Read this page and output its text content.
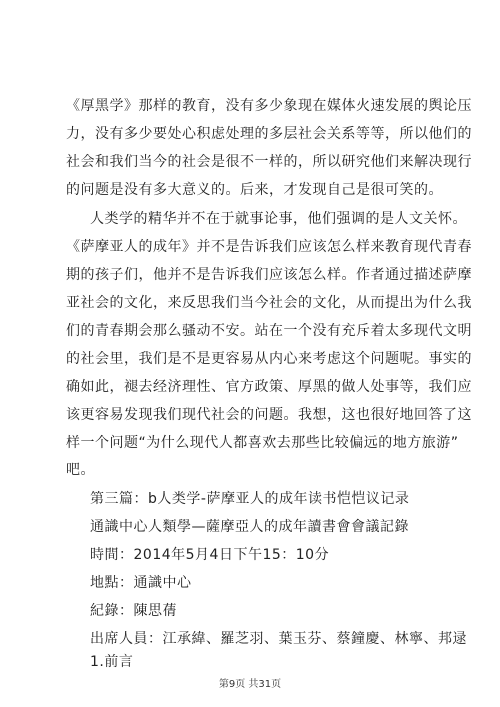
《厚黑学》那样的教育，没有多少象现在媒体火速发展的舆论压
力，没有多少要处心积虑处理的多层社会关系等等，所以他们的
社会和我们当今的社会是很不一样的，所以研究他们来解决现行
的问题是没有多大意义的。后来，才发现自己是很可笑的。
人类学的精华并不在于就事论事，他们强调的是人文关怀。
《萨摩亚人的成年》并不是告诉我们应该怎么样来教育现代青春
期的孩子们，他并不是告诉我们应该怎么样。作者通过描述萨摩
亚社会的文化，来反思我们当今社会的文化，从而提出为什么我
们的青春期会那么骚动不安。站在一个没有充斥着太多现代文明
的社会里，我们是不是更容易从内心来考虑这个问题呢。事实的
确如此，褪去经济理性、官方政策、厚黑的做人处事等，我们应
该更容易发现我们现代社会的问题。我想，这也很好地回答了这
样一个问题“为什么现代人都喜欢去那些比较偏远的地方旅游”
吧。
第三篇：b人类学-萨摩亚人的成年读书恺恺议记录
通識中心人類學—薩摩亞人的成年讀書會會議記錄
時間：2014年5月4日下午15：10分
地點：通識中心
紀錄：陳思蒨
出席人員：江承緯、羅芝羽、葉玉芬、蔡鐘慶、林寧、邦逯
1.前言
第9页 共31页
